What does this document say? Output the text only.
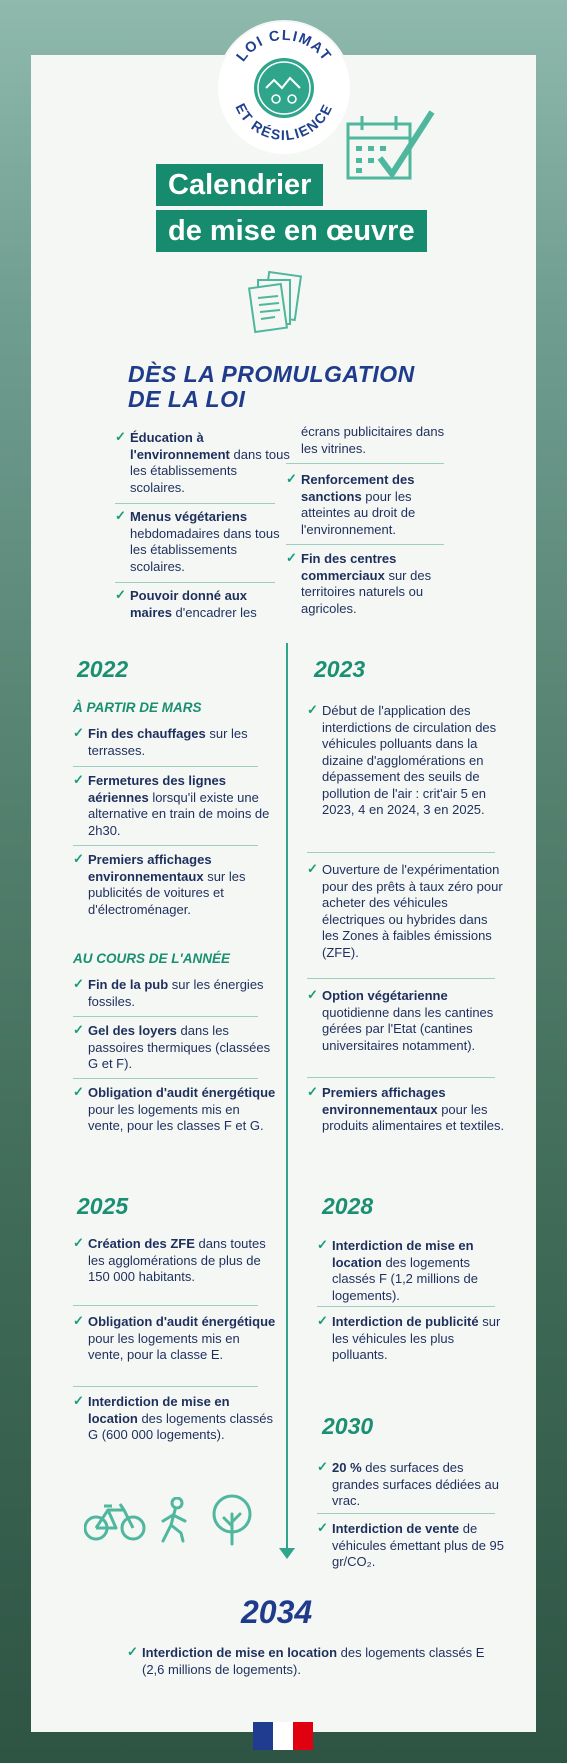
LOI CLIMAT
ET RÉSILIENCE
Calendrier
de mise en œuvre
DÈS LA PROMULGATION
DE LA LOI
✓ Éducation à l'environnement dans tous les établissements scolaires.
✓ Menus végétariens hebdomadaires dans tous les établissements scolaires.
✓ Pouvoir donné aux maires d'encadrer les
écrans publicitaires dans les vitrines.
✓ Renforcement des sanctions pour les atteintes au droit de l'environnement.
✓ Fin des centres commerciaux sur des territoires naturels ou agricoles.
2022
À PARTIR DE MARS
✓ Fin des chauffages sur les terrasses.
✓ Fermetures des lignes aériennes lorsqu'il existe une alternative en train de moins de 2h30.
✓ Premiers affichages environnementaux sur les publicités de voitures et d'électroménager.
AU COURS DE L'ANNÉE
✓ Fin de la pub sur les énergies fossiles.
✓ Gel des loyers dans les passoires thermiques (classées G et F).
✓ Obligation d'audit énergétique pour les logements mis en vente, pour les classes F et G.
2023
✓ Début de l'application des interdictions de circulation des véhicules polluants dans la dizaine d'agglomérations en dépassement des seuils de pollution de l'air : crit'air 5 en 2023, 4 en 2024, 3 en 2025.
✓ Ouverture de l'expérimentation pour des prêts à taux zéro pour acheter des véhicules électriques ou hybrides dans les Zones à faibles émissions (ZFE).
✓ Option végétarienne quotidienne dans les cantines gérées par l'Etat (cantines universitaires notamment).
✓ Premiers affichages environnementaux pour les produits alimentaires et textiles.
2025
✓ Création des ZFE dans toutes les agglomérations de plus de 150 000 habitants.
✓ Obligation d'audit énergétique pour les logements mis en vente, pour la classe E.
✓ Interdiction de mise en location des logements classés G (600 000 logements).
2028
✓ Interdiction de mise en location des logements classés F (1,2 millions de logements).
✓ Interdiction de publicité sur les véhicules les plus polluants.
2030
✓ 20 % des surfaces des grandes surfaces dédiées au vrac.
✓ Interdiction de vente de véhicules émettant plus de 95 gr/CO₂.
2034
✓ Interdiction de mise en location des logements classés E (2,6 millions de logements).
